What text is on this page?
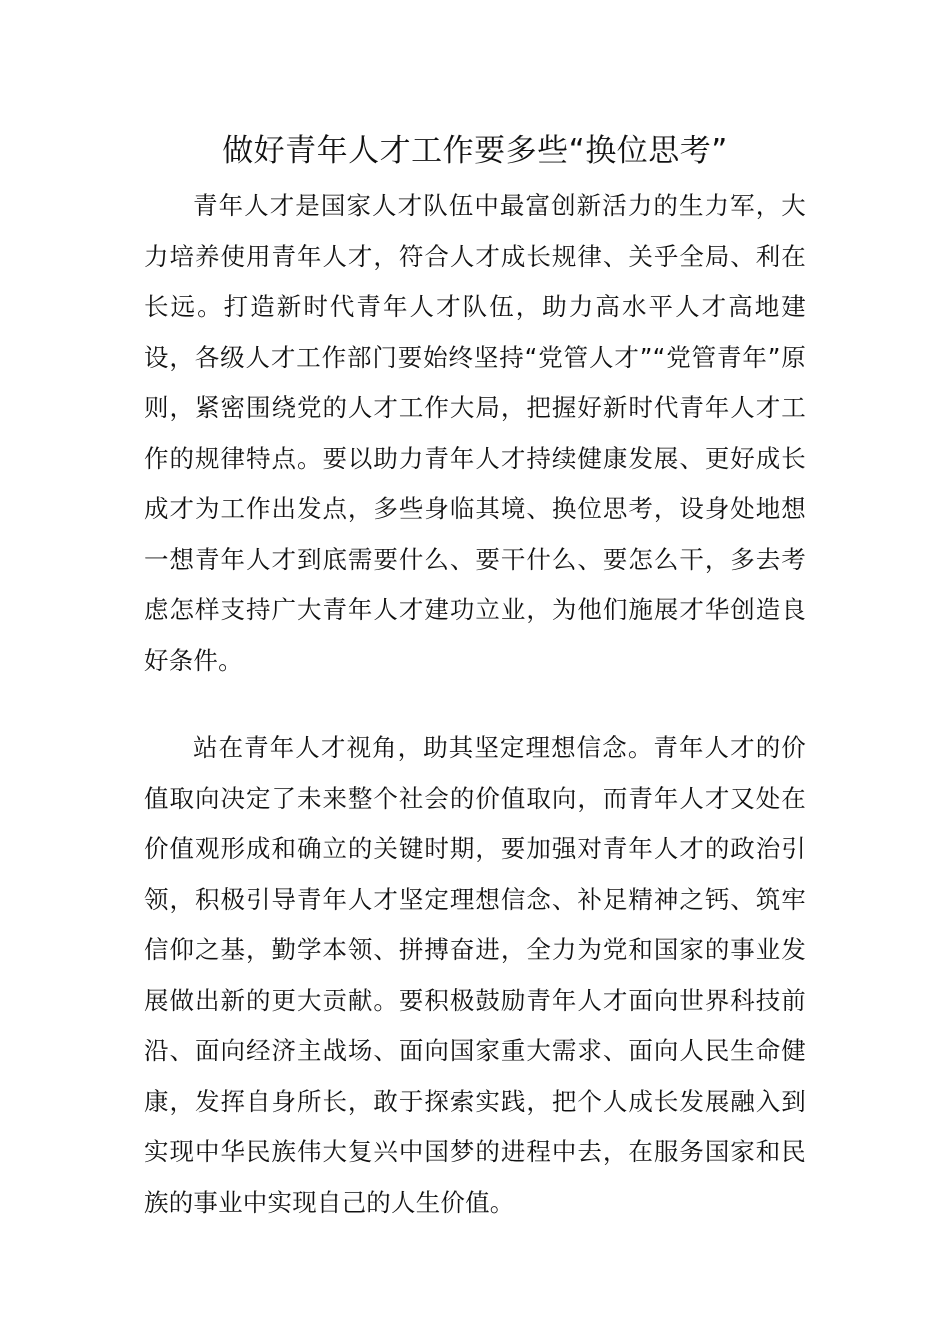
做好青年人才工作要多些“换位思考”

青年人才是国家人才队伍中最富创新活力的生力军，大力培养使用青年人才，符合人才成长规律、关乎全局、利在长远。打造新时代青年人才队伍，助力高水平人才高地建设，各级人才工作部门要始终坚持“党管人才”“党管青年”原则，紧密围绕党的人才工作大局，把握好新时代青年人才工作的规律特点。要以助力青年人才持续健康发展、更好成长成才为工作出发点，多些身临其境、换位思考，设身处地想一想青年人才到底需要什么、要干什么、要怎么干，多去考虑怎样支持广大青年人才建功立业，为他们施展才华创造良好条件。

站在青年人才视角，助其坚定理想信念。青年人才的价值取向决定了未来整个社会的价值取向，而青年人才又处在价值观形成和确立的关键时期，要加强对青年人才的政治引领，积极引导青年人才坚定理想信念、补足精神之钙、筑牢信仰之基，勤学本领、拼搏奋进，全力为党和国家的事业发展做出新的更大贡献。要积极鼓励青年人才面向世界科技前沿、面向经济主战场、面向国家重大需求、面向人民生命健康，发挥自身所长，敢于探索实践，把个人成长发展融入到实现中华民族伟大复兴中国梦的进程中去，在服务国家和民族的事业中实现自己的人生价值。
